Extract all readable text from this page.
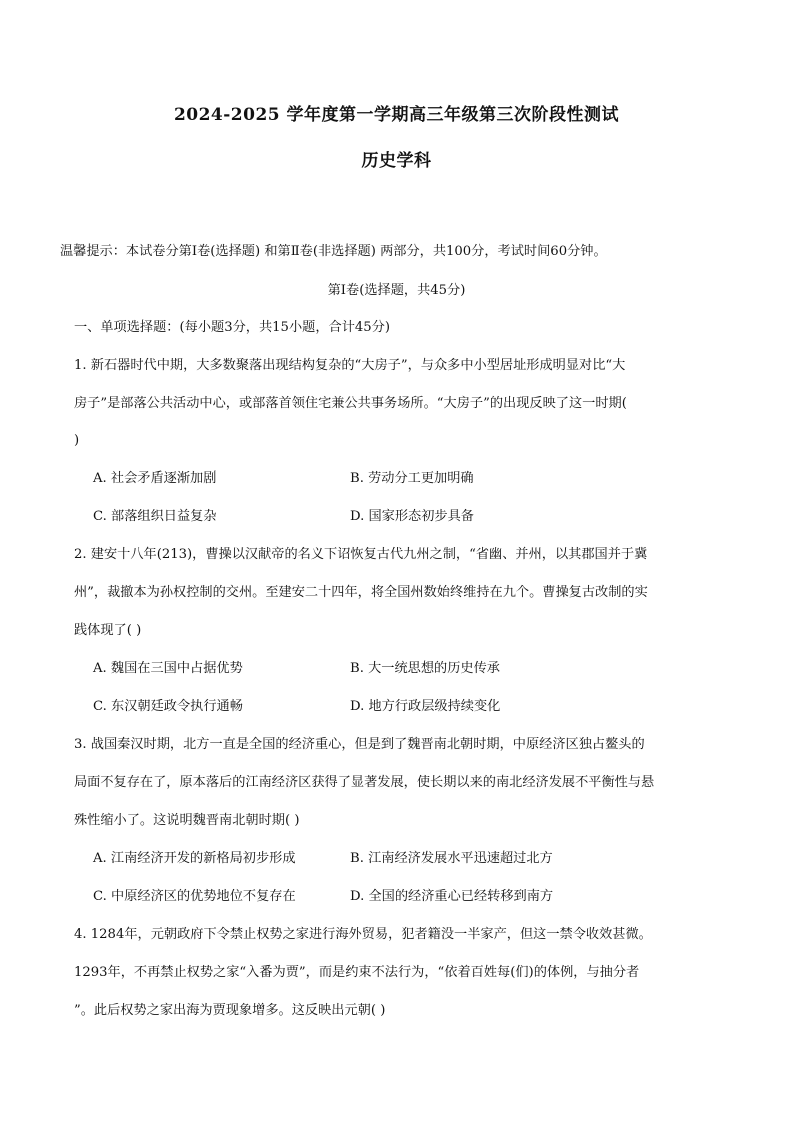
2024-2025 学年度第一学期高三年级第三次阶段性测试
历史学科
温馨提示：本试卷分第Ⅰ卷(选择题) 和第Ⅱ卷(非选择题) 两部分，共100分，考试时间60分钟。
第Ⅰ卷(选择题，共45分)
一、单项选择题：(每小题3分，共15小题，合计45分)
1. 新石器时代中期，大多数聚落出现结构复杂的“大房子”，与众多中小型居址形成明显对比“大
房子”是部落公共活动中心，或部落首领住宅兼公共事务场所。“大房子”的出现反映了这一时期(
)
A. 社会矛盾逐渐加剧	B. 劳动分工更加明确
C. 部落组织日益复杂	D. 国家形态初步具备
2. 建安十八年(213)，曹操以汉献帝的名义下诏恢复古代九州之制，“省幽、并州，以其郡国并于冀
州”，裁撤本为孙权控制的交州。至建安二十四年，将全国州数始终维持在九个。曹操复古改制的实
践体现了( )
A. 魏国在三国中占据优势	B. 大一统思想的历史传承
C. 东汉朝廷政令执行通畅	D. 地方行政层级持续变化
3. 战国秦汉时期，北方一直是全国的经济重心，但是到了魏晋南北朝时期，中原经济区独占鳌头的
局面不复存在了，原本落后的江南经济区获得了显著发展，使长期以来的南北经济发展不平衡性与悬
殊性缩小了。这说明魏晋南北朝时期( )
A. 江南经济开发的新格局初步形成	B. 江南经济发展水平迅速超过北方
C. 中原经济区的优势地位不复存在	D. 全国的经济重心已经转移到南方
4. 1284年，元朝政府下令禁止权势之家进行海外贸易，犯者籍没一半家产，但这一禁令收效甚微。
1293年，不再禁止权势之家“入番为贾”，而是约束不法行为，“依着百姓每(们)的体例，与抽分者
”。此后权势之家出海为贾现象增多。这反映出元朝( )
